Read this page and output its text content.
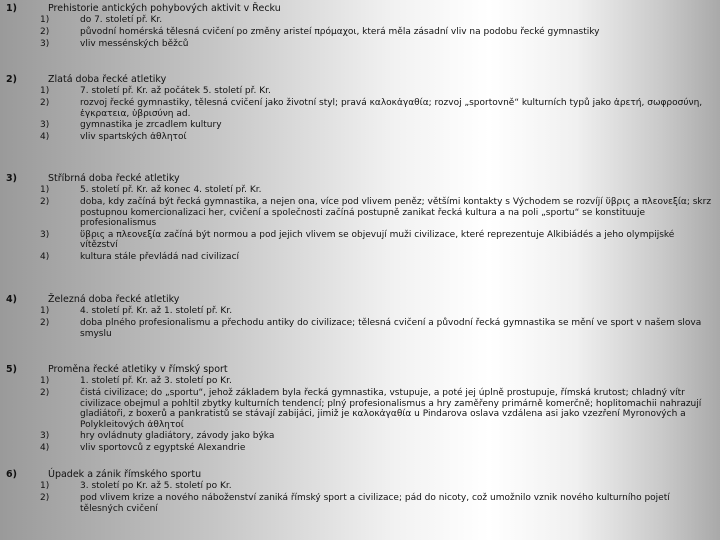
1)	Prehistorie antických pohybových aktivit v Řecku
1)	do 7. století př. Kr.
2)	původní homérská tělesná cvičení po změny aristeí πρόμαχοι, která měla zásadní vliv na podobu řecké gymnastiky
3)	vliv messénských běžců
2)	Zlatá doba řecké atletiky
1)	7. století př. Kr. až počátek 5. století př. Kr.
2)	rozvoj řecké gymnastiky, tělesná cvičení jako životní styl; pravá καλοκἀγαθία; rozvoj „sportovně“ kulturních typů jako ἀρετή, σωφροσύνη, ἐγκρατεια, ὑβρισύνη ad.
3)	gymnastika je zrcadlem kultury
4)	vliv spartských ἀθλητοί
3)	Stříbrná doba řecké atletiky
1)	5. století př. Kr. až konec 4. století př. Kr.
2)	doba, kdy začíná být řecká gymnastika, a nejen ona, více pod vlivem peněz; většími kontakty s Východem se rozvíjí ὕβρις a πλεονεξία; skrz postupnou komercionalizaci her, cvičení a společnosti začíná postupně zanikat řecká kultura a na poli „sportu“ se konstituuje profesionalismus
3)	ὕβρις a πλεονεξία začíná být normou a pod jejich vlivem se objevují muži civilizace, které reprezentuje Alkibiádés a jeho olympijské vítězství
4)	kultura stále převládá nad civilizací
4)	Železná doba řecké atletiky
1)	4. století př. Kr. až 1. století př. Kr.
2)	doba plného profesionalismu a přechodu antiky do civilizace; tělesná cvičení a původní řecká gymnastika se mění ve sport v našem slova smyslu
5)	Proměna řecké atletiky v římský sport
1)	1. století př. Kr. až 3. století po Kr.
2)	čistá civilizace; do „sportu“, jehož základem byla řecká gymnastika, vstupuje, a poté jej úplně prostupuje, římská krutost; chladný vítr civilizace obejmul a pohltil zbytky kulturních tendencí; plný profesionalismus a hry zaměřeny primárně komerčně; hoplitomachii nahrazují gladiátoři, z boxerů a pankratistů se stávají zabijáci, jimiž je καλοκἀγαθία u Pindarova oslava vzdálena asi jako vzezření Myronových a Polykleitových ἀθλητοί
3)	hry ovládnuty gladiátory, závody jako býka
4)	vliv sportovců z egyptské Alexandrie
6)	Úpadek a zánik římského sportu
1)	3. století po Kr. až 5. století po Kr.
2)	pod vlivem krize a nového náboženství zaniká římský sport a civilizace; pád do nicoty, což umožnilo vznik nového kulturního pojetí tělesných cvičení
